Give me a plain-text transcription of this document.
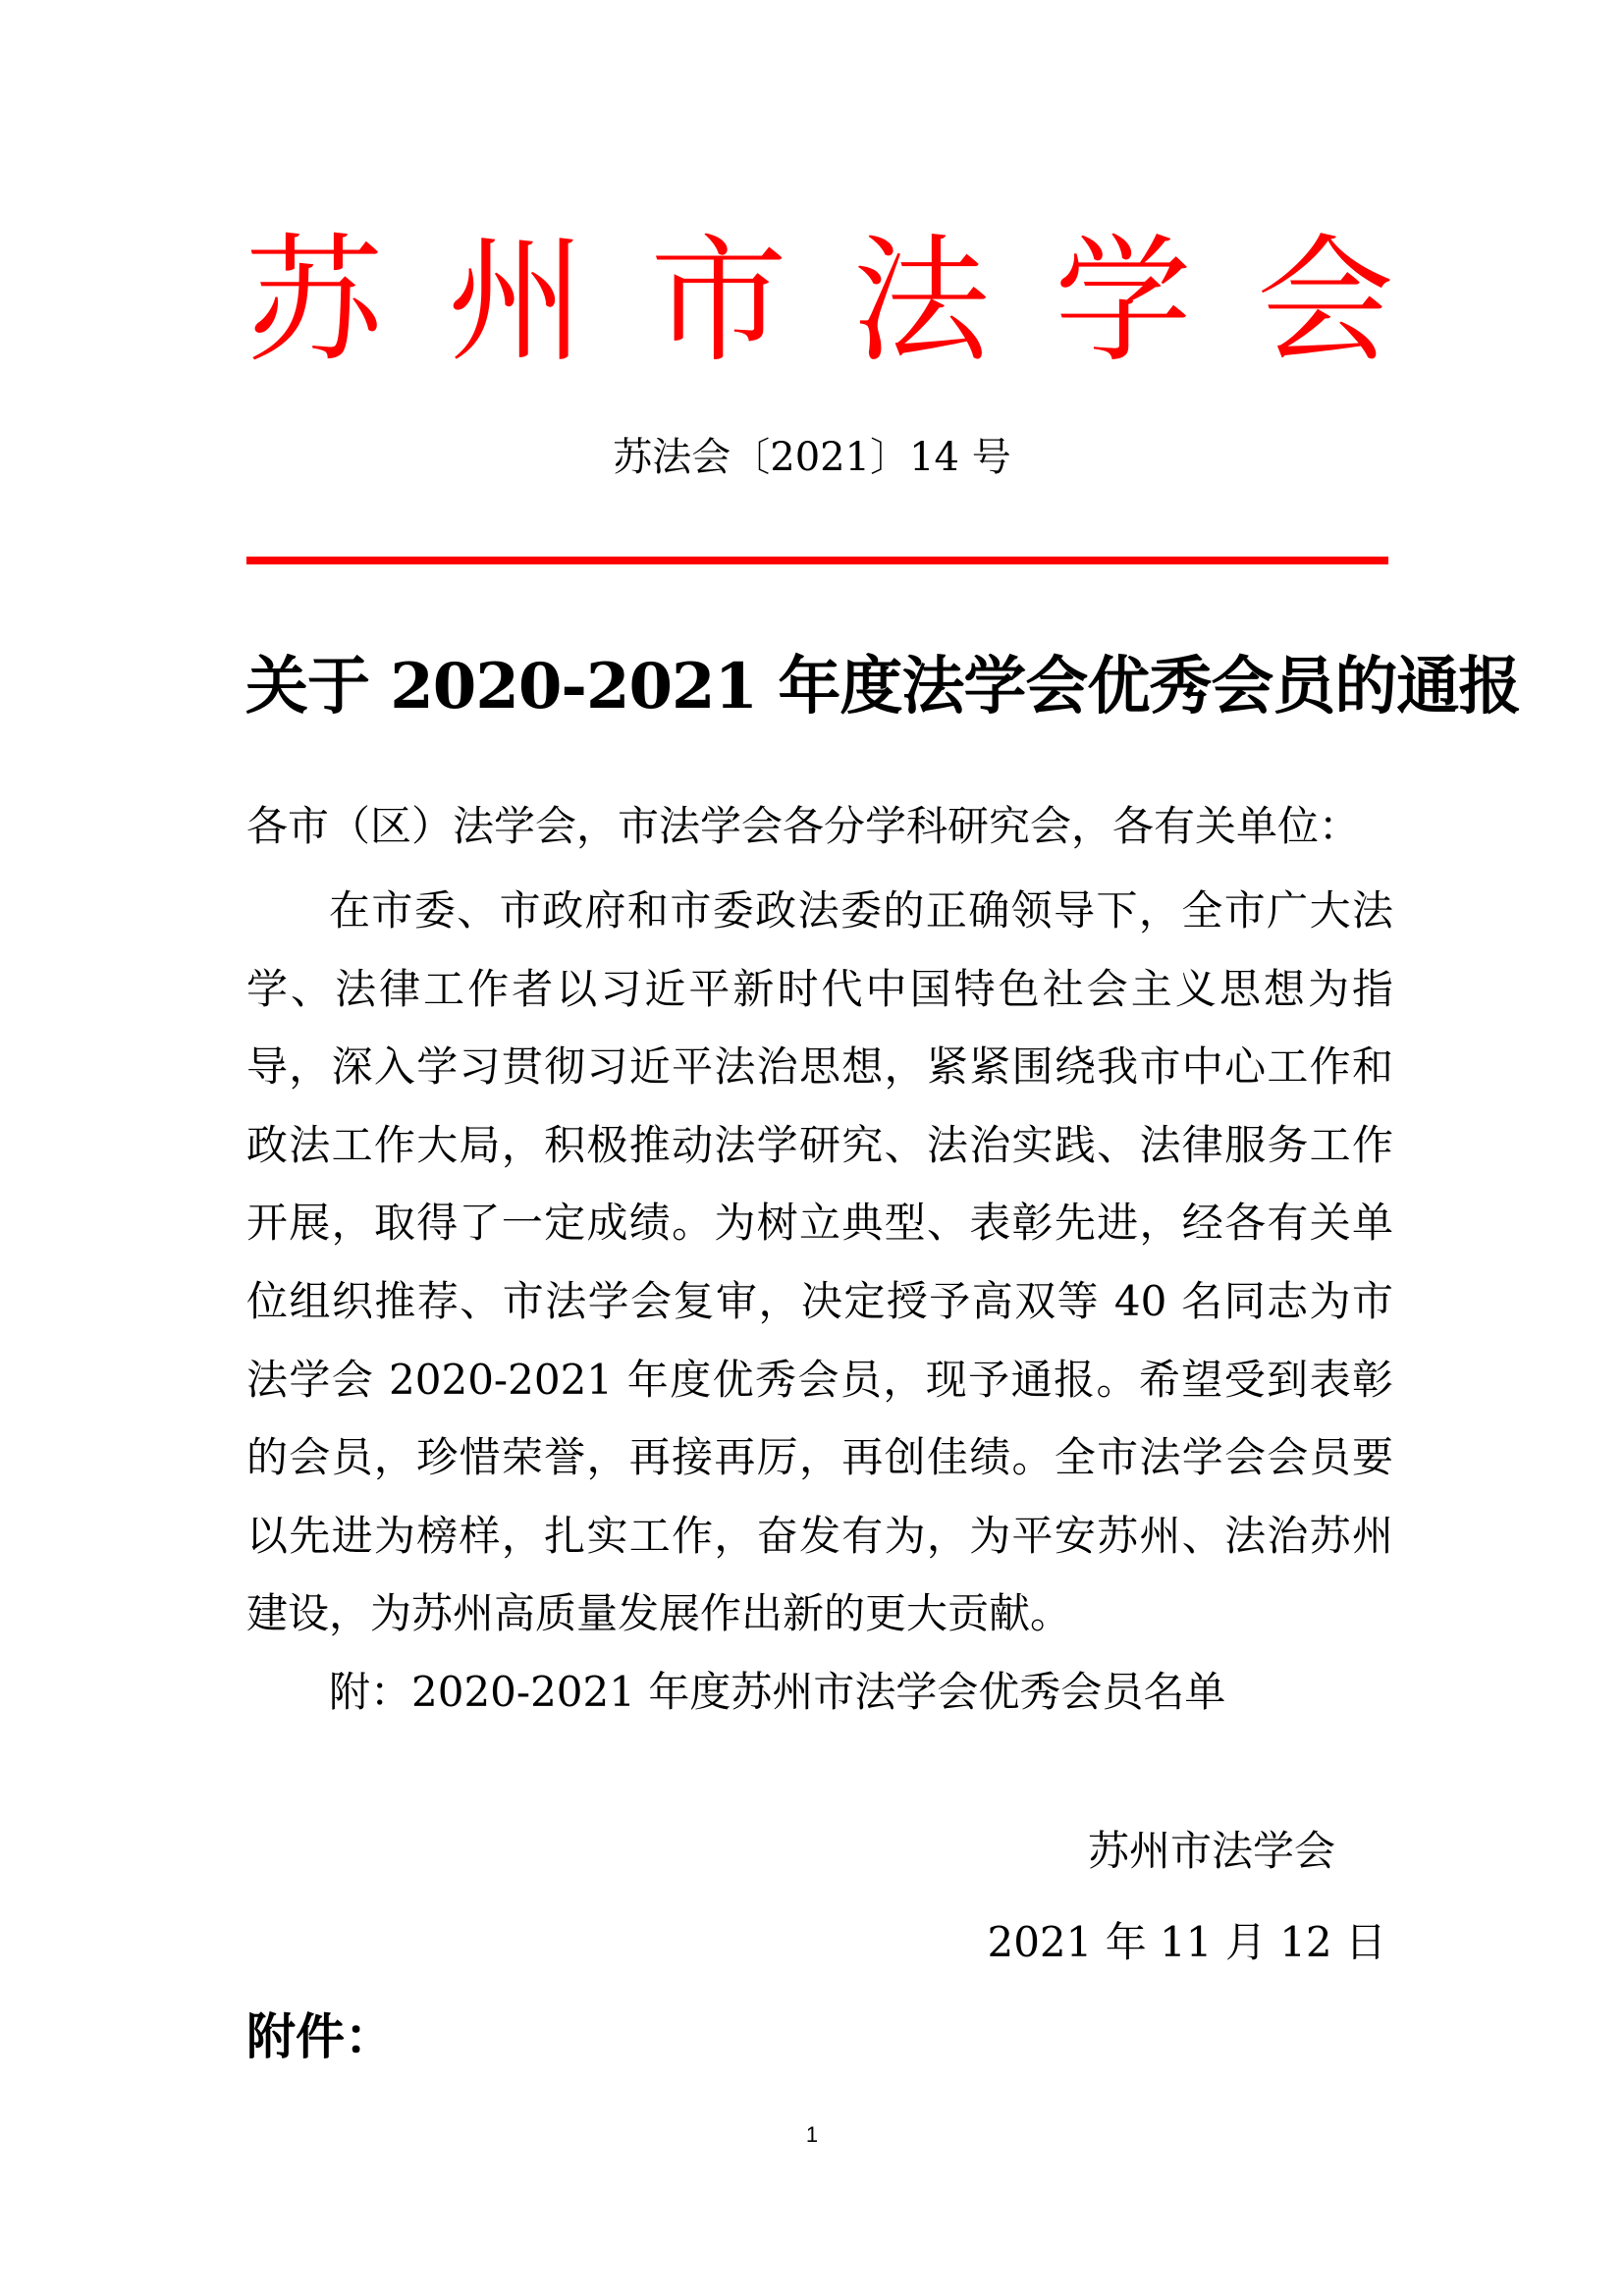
苏 州 市 法 学 会
苏法会〔2021〕14 号
关于 2020-2021 年度法学会优秀会员的通报

各市（区）法学会，市法学会各分学科研究会，各有关单位：

在市委、市政府和市委政法委的正确领导下，全市广大法学、法律工作者以习近平新时代中国特色社会主义思想为指导，深入学习贯彻习近平法治思想，紧紧围绕我市中心工作和政法工作大局，积极推动法学研究、法治实践、法律服务工作开展，取得了一定成绩。为树立典型、表彰先进，经各有关单位组织推荐、市法学会复审，决定授予高双等 40 名同志为市法学会 2020-2021 年度优秀会员，现予通报。希望受到表彰的会员，珍惜荣誉，再接再厉，再创佳绩。全市法学会会员要以先进为榜样，扎实工作，奋发有为，为平安苏州、法治苏州建设，为苏州高质量发展作出新的更大贡献。

附：2020-2021 年度苏州市法学会优秀会员名单

苏州市法学会

2021 年 11 月 12 日

附件：

1
